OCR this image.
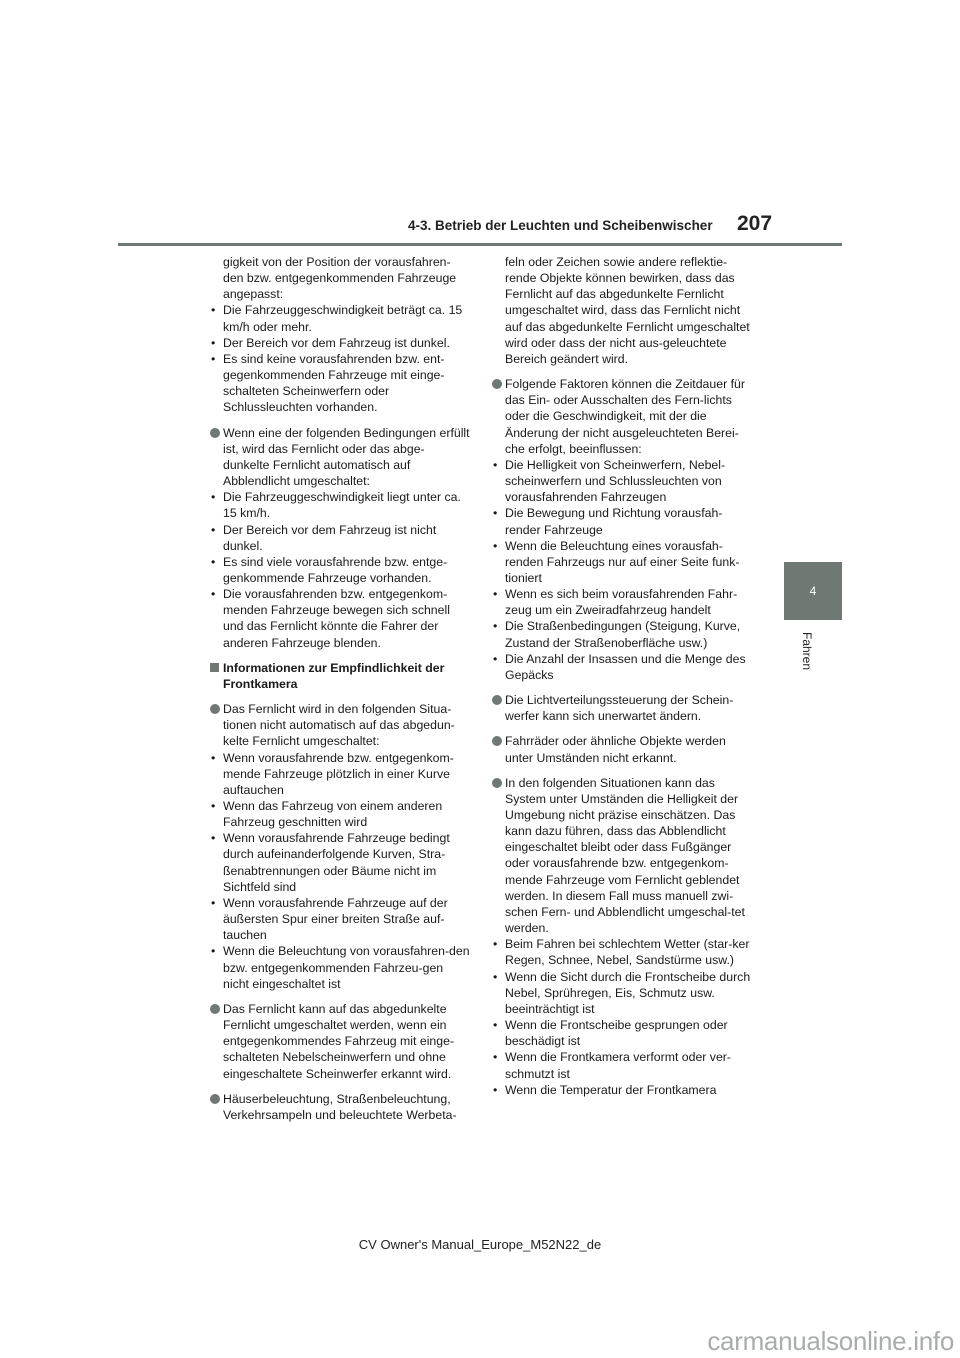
4-3. Betrieb der Leuchten und Scheibenwischer 207
4
Fahren

gigkeit von der Position der vorausfahren-den bzw. entgegenkommenden Fahrzeuge angepasst:

• Die Fahrzeuggeschwindigkeit beträgt ca. 15 km/h oder mehr.

• Der Bereich vor dem Fahrzeug ist dunkel.

• Es sind keine vorausfahrenden bzw. ent-gegenkommenden Fahrzeuge mit einge-schalteten Scheinwerfern oder Schlussleuchten vorhanden.

Wenn eine der folgenden Bedingungen erfüllt ist, wird das Fernlicht oder das abge-dunkelte Fernlicht automatisch auf Abblendlicht umgeschaltet:

• Die Fahrzeuggeschwindigkeit liegt unter ca. 15 km/h.

• Der Bereich vor dem Fahrzeug ist nicht dunkel.

• Es sind viele vorausfahrende bzw. entge-genkommende Fahrzeuge vorhanden.

• Die vorausfahrenden bzw. entgegenkom-menden Fahrzeuge bewegen sich schnell und das Fernlicht könnte die Fahrer der anderen Fahrzeuge blenden.

Informationen zur Empfindlichkeit der Frontkamera

Das Fernlicht wird in den folgenden Situa-tionen nicht automatisch auf das abgedun-kelte Fernlicht umgeschaltet:

• Wenn vorausfahrende bzw. entgegenkom-mende Fahrzeuge plötzlich in einer Kurve auftauchen

• Wenn das Fahrzeug von einem anderen Fahrzeug geschnitten wird

• Wenn vorausfahrende Fahrzeuge bedingt durch aufeinanderfolgende Kurven, Stra-ßenabtrennungen oder Bäume nicht im Sichtfeld sind

• Wenn vorausfahrende Fahrzeuge auf der äußersten Spur einer breiten Straße auf-tauchen

• Wenn die Beleuchtung von vorausfahren-den bzw. entgegenkommenden Fahrzeu-gen nicht eingeschaltet ist

Das Fernlicht kann auf das abgedunkelte Fernlicht umgeschaltet werden, wenn ein entgegenkommendes Fahrzeug mit einge-schalteten Nebelscheinwerfern und ohne eingeschaltete Scheinwerfer erkannt wird.

Häuserbeleuchtung, Straßenbeleuchtung, Verkehrsampeln und beleuchtete Werbeta-

feln oder Zeichen sowie andere reflektie-rende Objekte können bewirken, dass das Fernlicht auf das abgedunkelte Fernlicht umgeschaltet wird, dass das Fernlicht nicht auf das abgedunkelte Fernlicht umgeschaltet wird oder dass der nicht aus-geleuchtete Bereich geändert wird.

Folgende Faktoren können die Zeitdauer für das Ein- oder Ausschalten des Fern-lichts oder die Geschwindigkeit, mit der die Änderung der nicht ausgeleuchteten Berei-che erfolgt, beeinflussen:

• Die Helligkeit von Scheinwerfern, Nebel-scheinwerfern und Schlussleuchten von vorausfahrenden Fahrzeugen

• Die Bewegung und Richtung vorausfah-render Fahrzeuge

• Wenn die Beleuchtung eines vorausfah-renden Fahrzeugs nur auf einer Seite funk-tioniert

• Wenn es sich beim vorausfahrenden Fahr-zeug um ein Zweiradfahrzeug handelt

• Die Straßenbedingungen (Steigung, Kurve, Zustand der Straßenoberfläche usw.)

• Die Anzahl der Insassen und die Menge des Gepäcks

Die Lichtverteilungssteuerung der Schein-werfer kann sich unerwartet ändern.

Fahrräder oder ähnliche Objekte werden unter Umständen nicht erkannt.

In den folgenden Situationen kann das System unter Umständen die Helligkeit der Umgebung nicht präzise einschätzen. Das kann dazu führen, dass das Abblendlicht eingeschaltet bleibt oder dass Fußgänger oder vorausfahrende bzw. entgegenkom-mende Fahrzeuge vom Fernlicht geblendet werden. In diesem Fall muss manuell zwi-schen Fern- und Abblendlicht umgeschal-tet werden.

• Beim Fahren bei schlechtem Wetter (star-ker Regen, Schnee, Nebel, Sandstürme usw.)

• Wenn die Sicht durch die Frontscheibe durch Nebel, Sprühregen, Eis, Schmutz usw. beeinträchtigt ist

• Wenn die Frontscheibe gesprungen oder beschädigt ist

• Wenn die Frontkamera verformt oder ver-schmutzt ist

• Wenn die Temperatur der Frontkamera

CV Owner's Manual_Europe_M52N22_de
carmanualsonline.info
